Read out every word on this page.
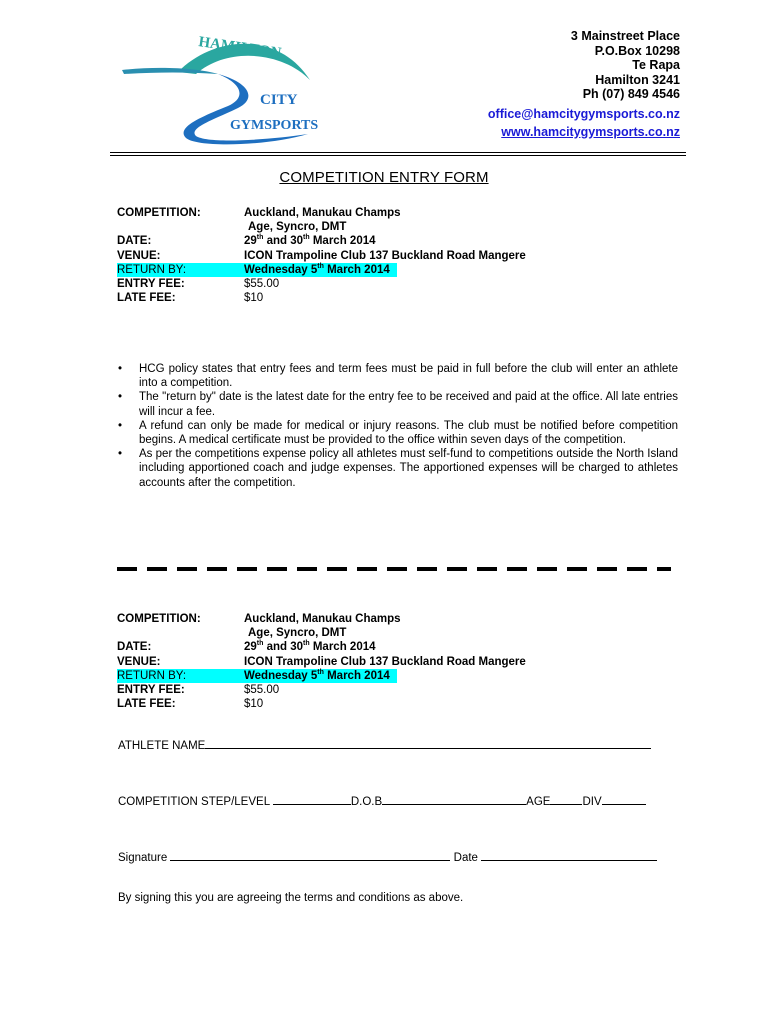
HAMILTON
CITY
GYMSPORTS
3 Mainstreet Place
P.O.Box 10298
Te Rapa
Hamilton 3241
Ph (07) 849 4546
office@hamcitygymsports.co.nz
www.hamcitygymsports.co.nz
COMPETITION ENTRY FORM
COMPETITION:	Auckland, Manukau Champs
Age, Syncro, DMT
DATE:	29th and 30th March 2014
VENUE:	ICON Trampoline Club 137 Buckland Road Mangere
RETURN BY:	Wednesday 5th March 2014
ENTRY FEE:	$55.00
LATE FEE:	$10
• HCG policy states that entry fees and term fees must be paid in full before the club will enter an athlete into a competition.
• The "return by" date is the latest date for the entry fee to be received and paid at the office. All late entries will incur a fee.
• A refund can only be made for medical or injury reasons. The club must be notified before competition begins. A medical certificate must be provided to the office within seven days of the competition.
• As per the competitions expense policy all athletes must self-fund to competitions outside the North Island including apportioned coach and judge expenses. The apportioned expenses will be charged to athletes accounts after the competition.
COMPETITION:	Auckland, Manukau Champs
Age, Syncro, DMT
DATE:	29th and 30th March 2014
VENUE:	ICON Trampoline Club 137 Buckland Road Mangere
RETURN BY:	Wednesday 5th March 2014
ENTRY FEE:	$55.00
LATE FEE:	$10
ATHLETE NAME
COMPETITION STEP/LEVEL	D.O.B	AGE	DIV
Signature	Date
By signing this you are agreeing the terms and conditions as above.
